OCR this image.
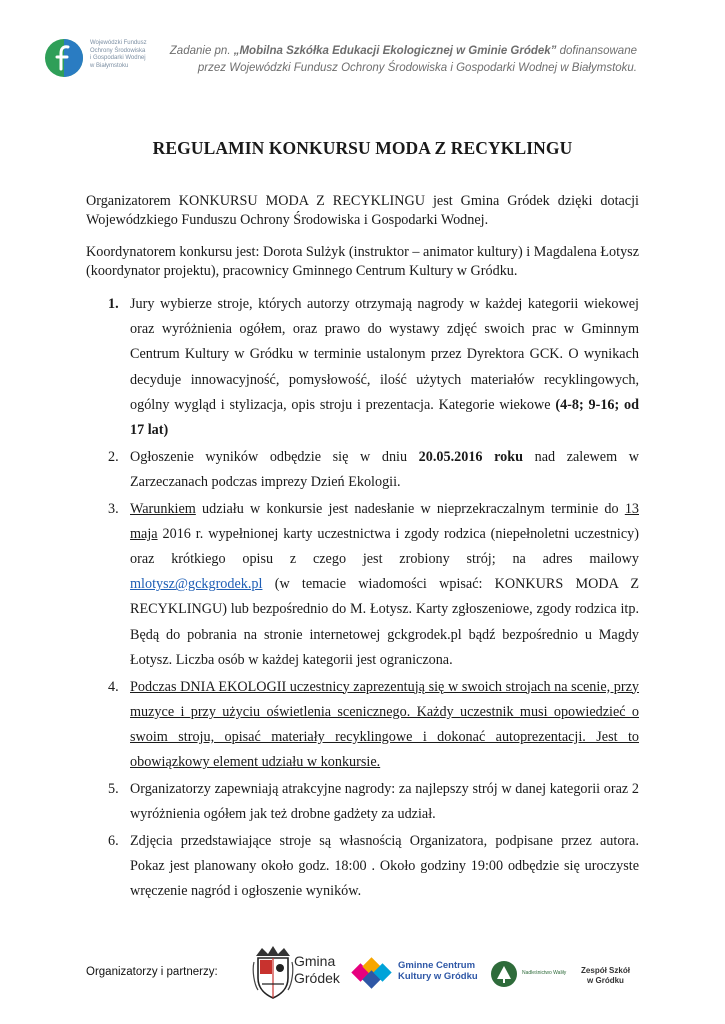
Wojewódzki Fundusz
Ochrony Środowiska
i Gospodarki Wodnej
w Białymstoku
Zadanie pn. „Mobilna Szkółka Edukacji Ekologicznej w Gminie Gródek” dofinansowane
przez Wojewódzki Fundusz Ochrony Środowiska i Gospodarki Wodnej w Białymstoku.
REGULAMIN KONKURSU MODA Z RECYKLINGU

Organizatorem KONKURSU MODA Z RECYKLINGU jest Gmina Gródek dzięki dotacji Wojewódzkiego Funduszu Ochrony Środowiska i Gospodarki Wodnej.

Koordynatorem konkursu jest: Dorota Sulżyk (instruktor – animator kultury) i Magdalena Łotysz (koordynator projektu), pracownicy Gminnego Centrum Kultury w Gródku.

1. Jury wybierze stroje, których autorzy otrzymają nagrody w każdej kategorii wiekowej oraz wyróżnienia ogółem, oraz prawo do wystawy zdjęć swoich prac w Gminnym Centrum Kultury w Gródku w terminie ustalonym przez Dyrektora GCK. O wynikach decyduje innowacyjność, pomysłowość, ilość użytych materiałów recyklingowych, ogólny wygląd i stylizacja, opis stroju i prezentacja. Kategorie wiekowe (4-8; 9-16; od 17 lat)
2. Ogłoszenie wyników odbędzie się w dniu 20.05.2016 roku nad zalewem w Zarzeczanach podczas imprezy Dzień Ekologii.
3. Warunkiem udziału w konkursie jest nadesłanie w nieprzekraczalnym terminie do 13 maja 2016 r. wypełnionej karty uczestnictwa i zgody rodzica (niepełnoletni uczestnicy) oraz krótkiego opisu z czego jest zrobiony strój; na adres mailowy mlotysz@gckgrodek.pl (w temacie wiadomości wpisać: KONKURS MODA Z RECYKLINGU) lub bezpośrednio do M. Łotysz. Karty zgłoszeniowe, zgody rodzica itp. Będą do pobrania na stronie internetowej gckgrodek.pl bądź bezpośrednio u Magdy Łotysz. Liczba osób w każdej kategorii jest ograniczona.
4. Podczas DNIA EKOLOGII uczestnicy zaprezentują się w swoich strojach na scenie, przy muzyce i przy użyciu oświetlenia scenicznego. Każdy uczestnik musi opowiedzieć o swoim stroju, opisać materiały recyklingowe i dokonać autoprezentacji. Jest to obowiązkowy element udziału w konkursie.
5. Organizatorzy zapewniają atrakcyjne nagrody: za najlepszy strój w danej kategorii oraz 2 wyróżnienia ogółem jak też drobne gadżety za udział.
6. Zdjęcia przedstawiające stroje są własnością Organizatora, podpisane przez autora. Pokaz jest planowany około godz. 18:00 . Około godziny 19:00 odbędzie się uroczyste wręczenie nagród i ogłoszenie wyników.
Organizatorzy i partnerzy:
Gmina
Gródek
Gminne Centrum
Kultury w Gródku	Nadleśnictwo Waliły	Zespół Szkół
w Gródku
